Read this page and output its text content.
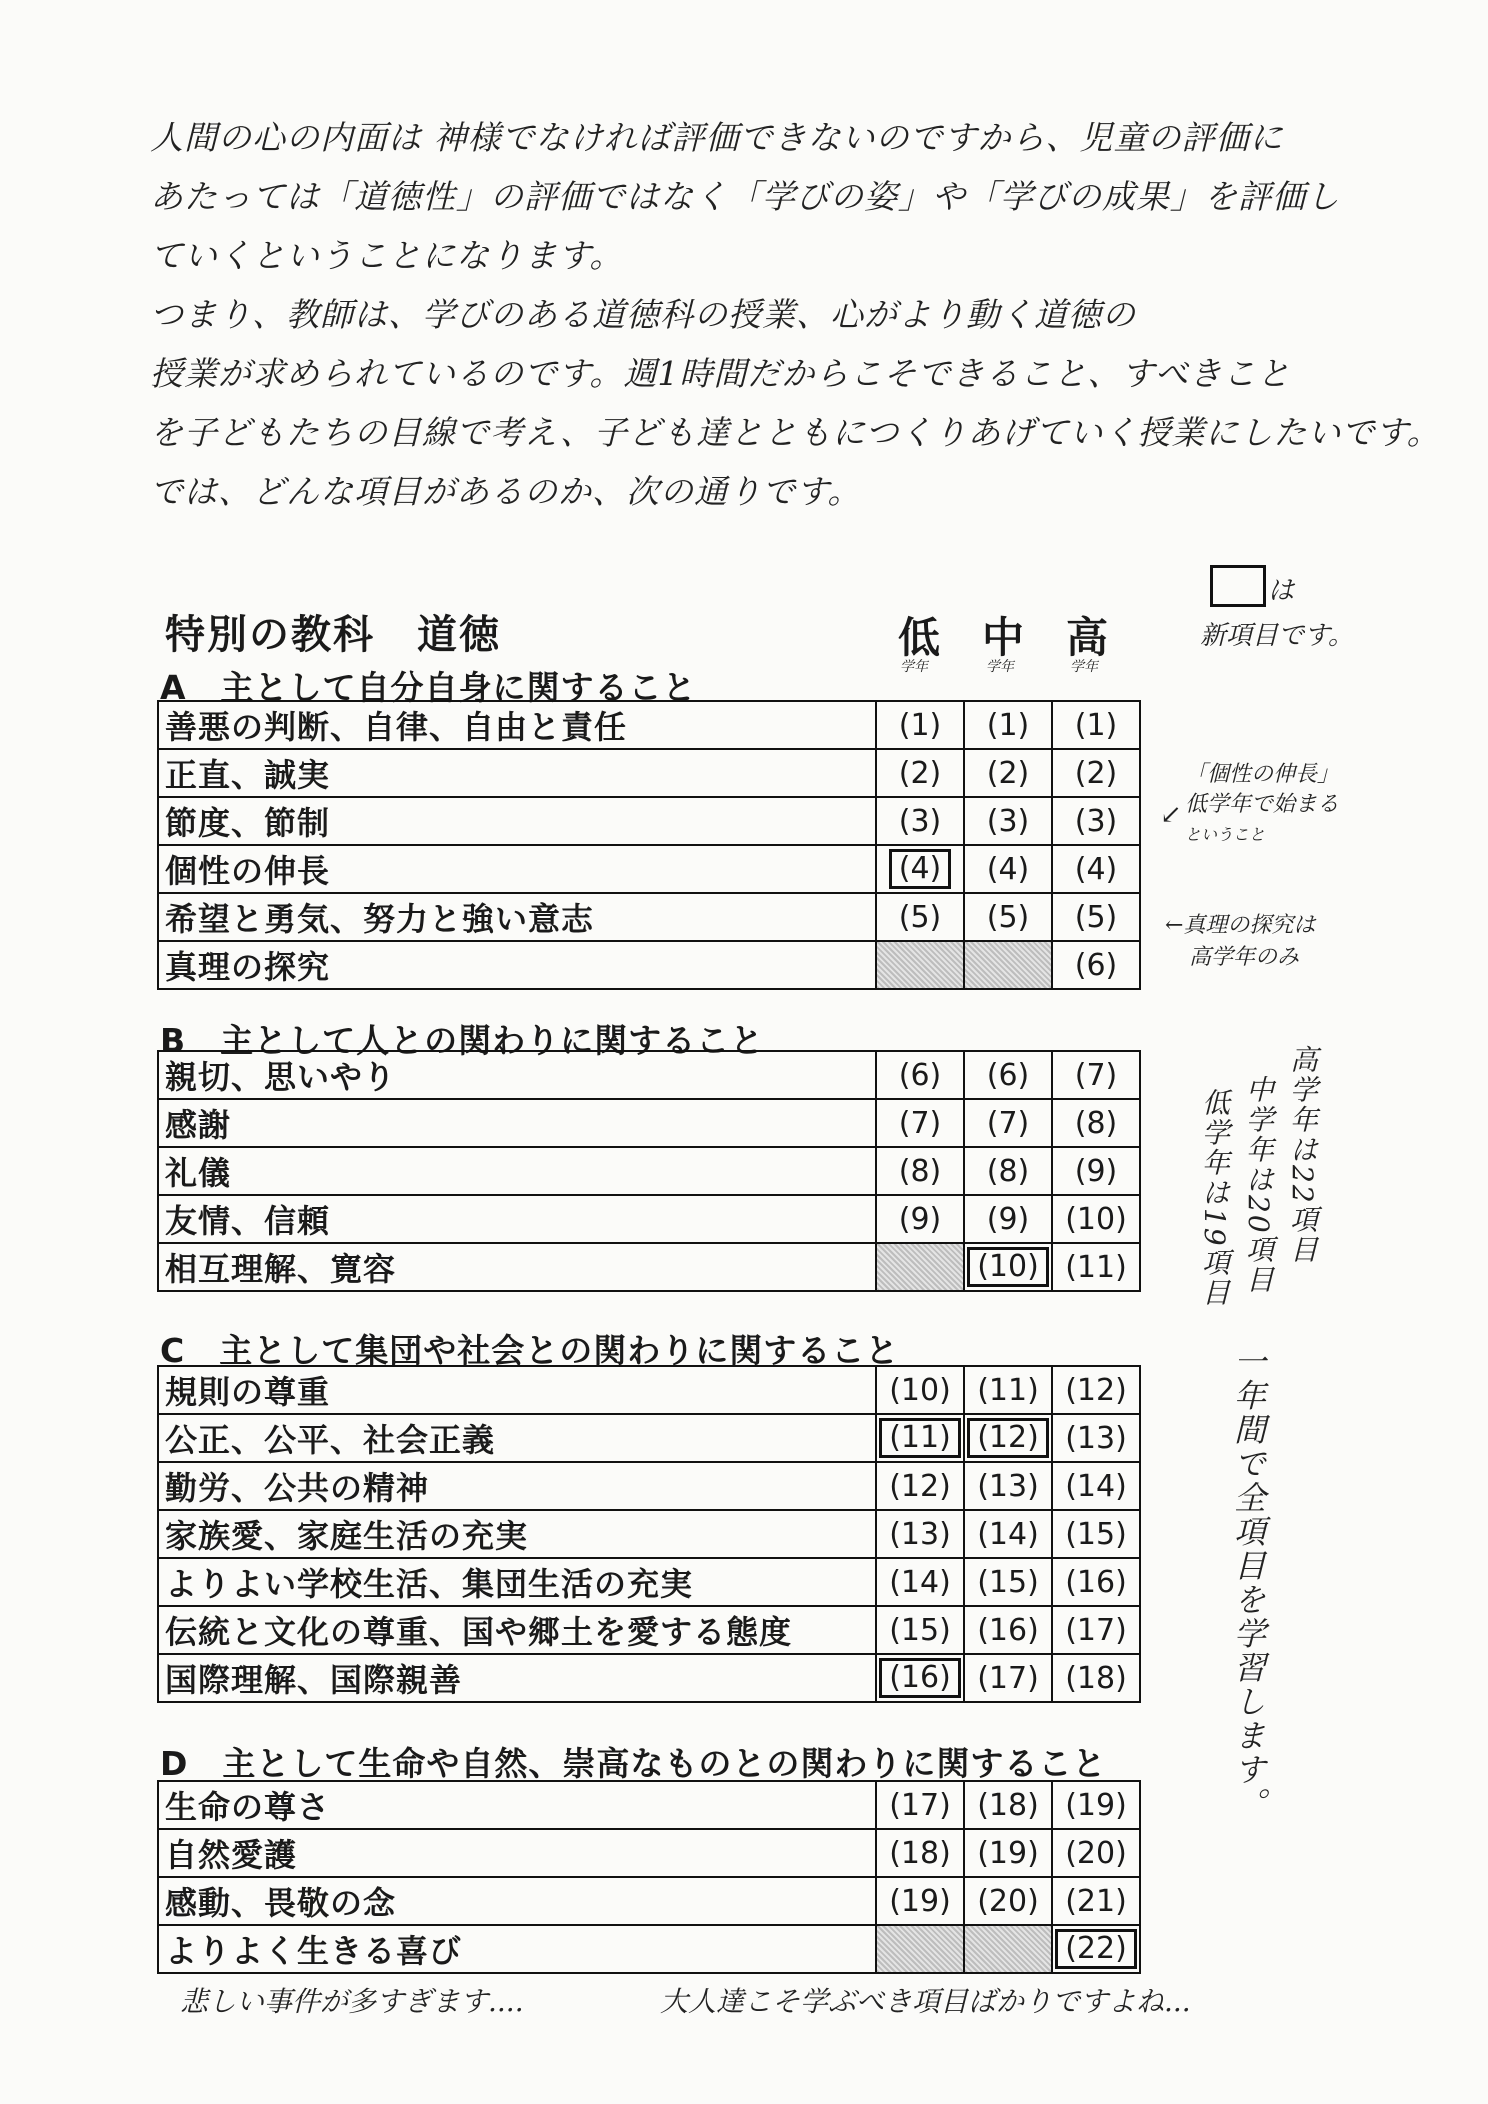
人間の心の内面は 神様でなければ評価できないのですから、児童の評価に
あたっては「道徳性」の評価ではなく「学びの姿」や「学びの成果」を評価し
ていくということになります。
つまり、教師は、学びのある道徳科の授業、心がより動く道徳の
授業が求められているのです。週1時間だからこそできること、すべきこと
を子どもたちの目線で考え、子ども達とともにつくりあげていく授業にしたいです。
では、どんな項目があるのか、次の通りです。
は
新項目です。
特別の教科　道徳	低 中 高
学年	学年	学年
A　主として自分自身に関すること
善悪の判断、自律、自由と責任	(1)	(1)	(1)
正直、誠実	(2)	(2)	(2)
節度、節制	(3)	(3)	(3)
個性の伸長	(4)	(4)	(4)
希望と勇気、努力と強い意志	(5)	(5)	(5)
真理の探究			(6)
「個性の伸長」
低学年で始まる
ということ
↙
←真理の探究は
高学年のみ
B　主として人との関わりに関すること
親切、思いやり	(6)	(6)	(7)
感謝	(7)	(7)	(8)
礼儀	(8)	(8)	(9)
友情、信頼	(9)	(9)	(10)
相互理解、寛容		(10)	(11)
高学年は22項目
中学年は20項目
低学年は19項目
C　主として集団や社会との関わりに関すること
規則の尊重	(10)	(11)	(12)
公正、公平、社会正義	(11)	(12)	(13)
勤労、公共の精神	(12)	(13)	(14)
家族愛、家庭生活の充実	(13)	(14)	(15)
よりよい学校生活、集団生活の充実	(14)	(15)	(16)
伝統と文化の尊重、国や郷土を愛する態度	(15)	(16)	(17)
国際理解、国際親善	(16)	(17)	(18)	一年間で全項目を学習します。
D　主として生命や自然、崇高なものとの関わりに関すること
生命の尊さ	(17)	(18)	(19)
自然愛護	(18)	(19)	(20)
感動、畏敬の念	(19)	(20)	(21)
よりよく生きる喜び			(22)
悲しい事件が多すぎます....	大人達こそ学ぶべき項目ばかりですよね...
